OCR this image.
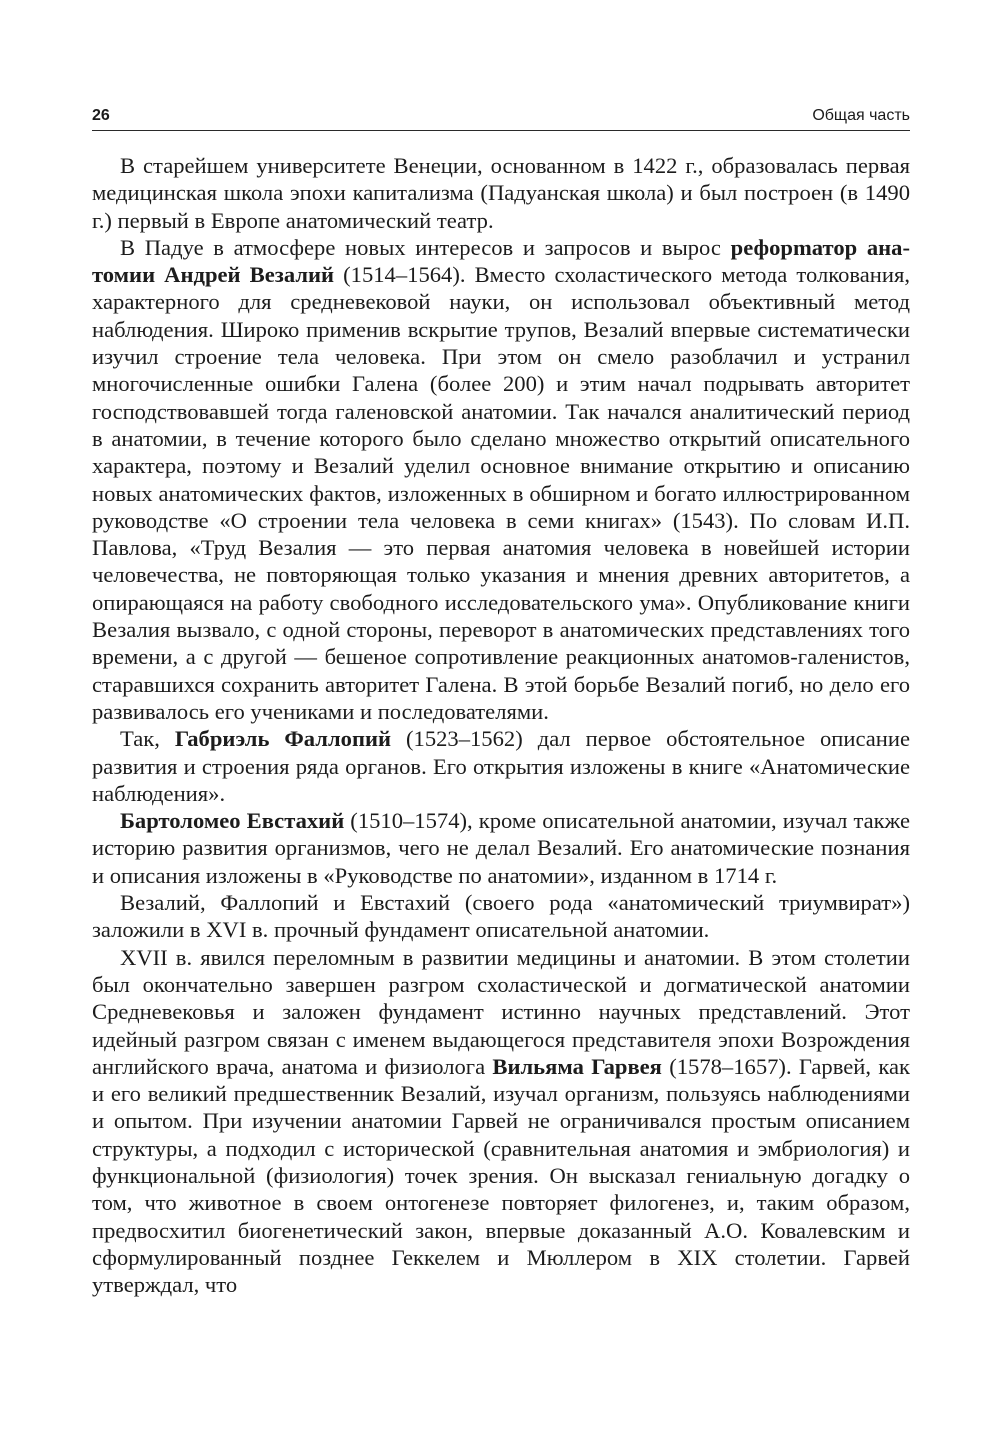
26	Общая часть

В старейшем университете Венеции, основанном в 1422 г., образовалась первая медицинская школа эпохи капитализма (Падуанская школа) и был построен (в 1490 г.) первый в Европе анатомический театр.

В Падуе в атмосфере новых интересов и запросов и вырос рефорmатор анатомии Андрей Везалий (1514–1564). Вместо схоластического метода толкования, характерного для средневековой науки, он использовал объективный метод наблюдения. Широко применив вскрытие трупов, Везалий впервые систематически изучил строение тела человека. При этом он смело разоблачил и устранил многочисленные ошибки Галена (более 200) и этим начал подрывать авторитет господствовавшей тогда галеновской анатомии. Так начался аналитический период в анатомии, в течение которого было сделано множество открытий описательного характера, поэтому и Везалий уделил основное внимание открытию и описанию новых анатомических фактов, изложенных в обширном и богато иллюстрированном руководстве «О строении тела человека в семи книгах» (1543). По словам И.П. Павлова, «Труд Везалия — это первая анатомия человека в новейшей истории человечества, не повторяющая только указания и мнения древних авторитетов, а опирающаяся на работу свободного исследовательского ума». Опубликование книги Везалия вызвало, с одной стороны, переворот в анатомических представлениях того времени, а с другой — бешеное сопротивление реакционных анатомов-галенистов, старавшихся сохранить авторитет Галена. В этой борьбе Везалий погиб, но дело его развивалось его учениками и последователями.

Так, Габриэль Фаллопий (1523–1562) дал первое обстоятельное описание развития и строения ряда органов. Его открытия изложены в книге «Анатомические наблюдения».

Бартоломео Евстахий (1510–1574), кроме описательной анатомии, изучал также историю развития организмов, чего не делал Везалий. Его анатомические познания и описания изложены в «Руководстве по анатомии», изданном в 1714 г.

Везалий, Фаллопий и Евстахий (своего рода «анатомический триумвират») заложили в XVI в. прочный фундамент описательной анатомии.

XVII в. явился переломным в развитии медицины и анатомии. В этом столетии был окончательно завершен разгром схоластической и догматической анатомии Средневековья и заложен фундамент истинно научных представлений. Этот идейный разгром связан с именем выдающегося представителя эпохи Возрождения английского врача, анатома и физиолога Вильяма Гарвея (1578–1657). Гарвей, как и его великий предшественник Везалий, изучал организм, пользуясь наблюдениями и опытом. При изучении анатомии Гарвей не ограничивался простым описанием структуры, а подходил с исторической (сравнительная анатомия и эмбриология) и функциональной (физиология) точек зрения. Он высказал гениальную догадку о том, что животное в своем онтогенезе повторяет филогенез, и, таким образом, предвосхитил биогенетический закон, впервые доказанный А.О. Ковалевским и сформулированный позднее Геккелем и Мюллером в XIX столетии. Гарвей утверждал, что
